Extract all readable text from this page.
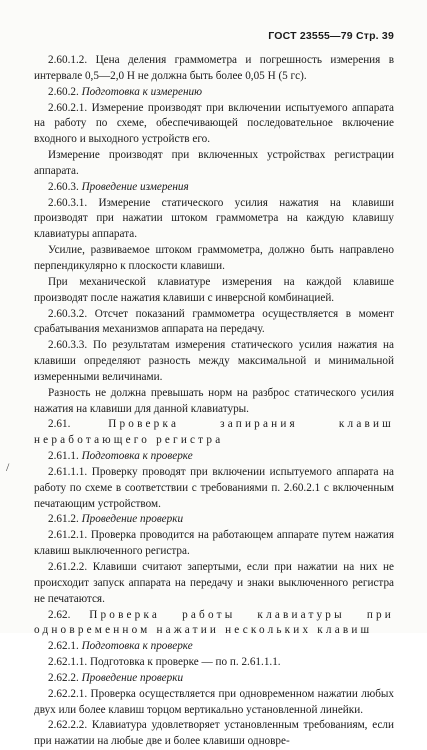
ГОСТ 23555—79 Стр. 39
/

2.60.1.2. Цена деления граммометра и погрешность измерения в интервале 0,5—2,0 Н не должна быть более 0,05 Н (5 гс).

2.60.2. Подготовка к измерению

2.60.2.1. Измерение производят при включении испытуемого аппарата на работу по схеме, обеспечивающей последовательное включение входного и выходного устройств его.

Измерение производят при включенных устройствах регистрации аппарата.

2.60.3. Проведение измерения

2.60.3.1. Измерение статического усилия нажатия на клавиши производят при нажатии штоком граммометра на каждую клавишу клавиатуры аппарата.

Усилие, развиваемое штоком граммометра, должно быть направлено перпендикулярно к плоскости клавиши.

При механической клавиатуре измерения на каждой клавише производят после нажатия клавиши с инверсной комбинацией.

2.60.3.2. Отсчет показаний граммометра осуществляется в момент срабатывания механизмов аппарата на передачу.

2.60.3.3. По результатам измерения статического усилия нажатия на клавиши определяют разность между максимальной и минимальной измеренными величинами.

Разность не должна превышать норм на разброс статического усилия нажатия на клавиши для данной клавиатуры.

2.61.	Проверка запирания клавиш неработающего регистра

2.61.1. Подготовка к проверке

2.61.1.1. Проверку проводят при включении испытуемого аппарата на работу по схеме в соответствии с требованиями п. 2.60.2.1 с включенным печатающим устройством.

2.61.2. Проведение проверки

2.61.2.1. Проверка проводится на работающем аппарате путем нажатия клавиш выключенного регистра.

2.61.2.2. Клавиши считают запертыми, если при нажатии на них не происходит запуск аппарата на передачу и знаки выключенного регистра не печатаются.

2.62. Проверка работы клавиатуры при одновременном нажатии нескольких клавиш

2.62.1. Подготовка к проверке

2.62.1.1. Подготовка к проверке — по п. 2.61.1.1.

2.62.2. Проведение проверки

2.62.2.1. Проверка осуществляется при одновременном нажатии любых двух или более клавиш торцом вертикально установленной линейки.

2.62.2.2. Клавиатура удовлетворяет установленным требованиям, если при нажатии на любые две и более клавиши одновре-
